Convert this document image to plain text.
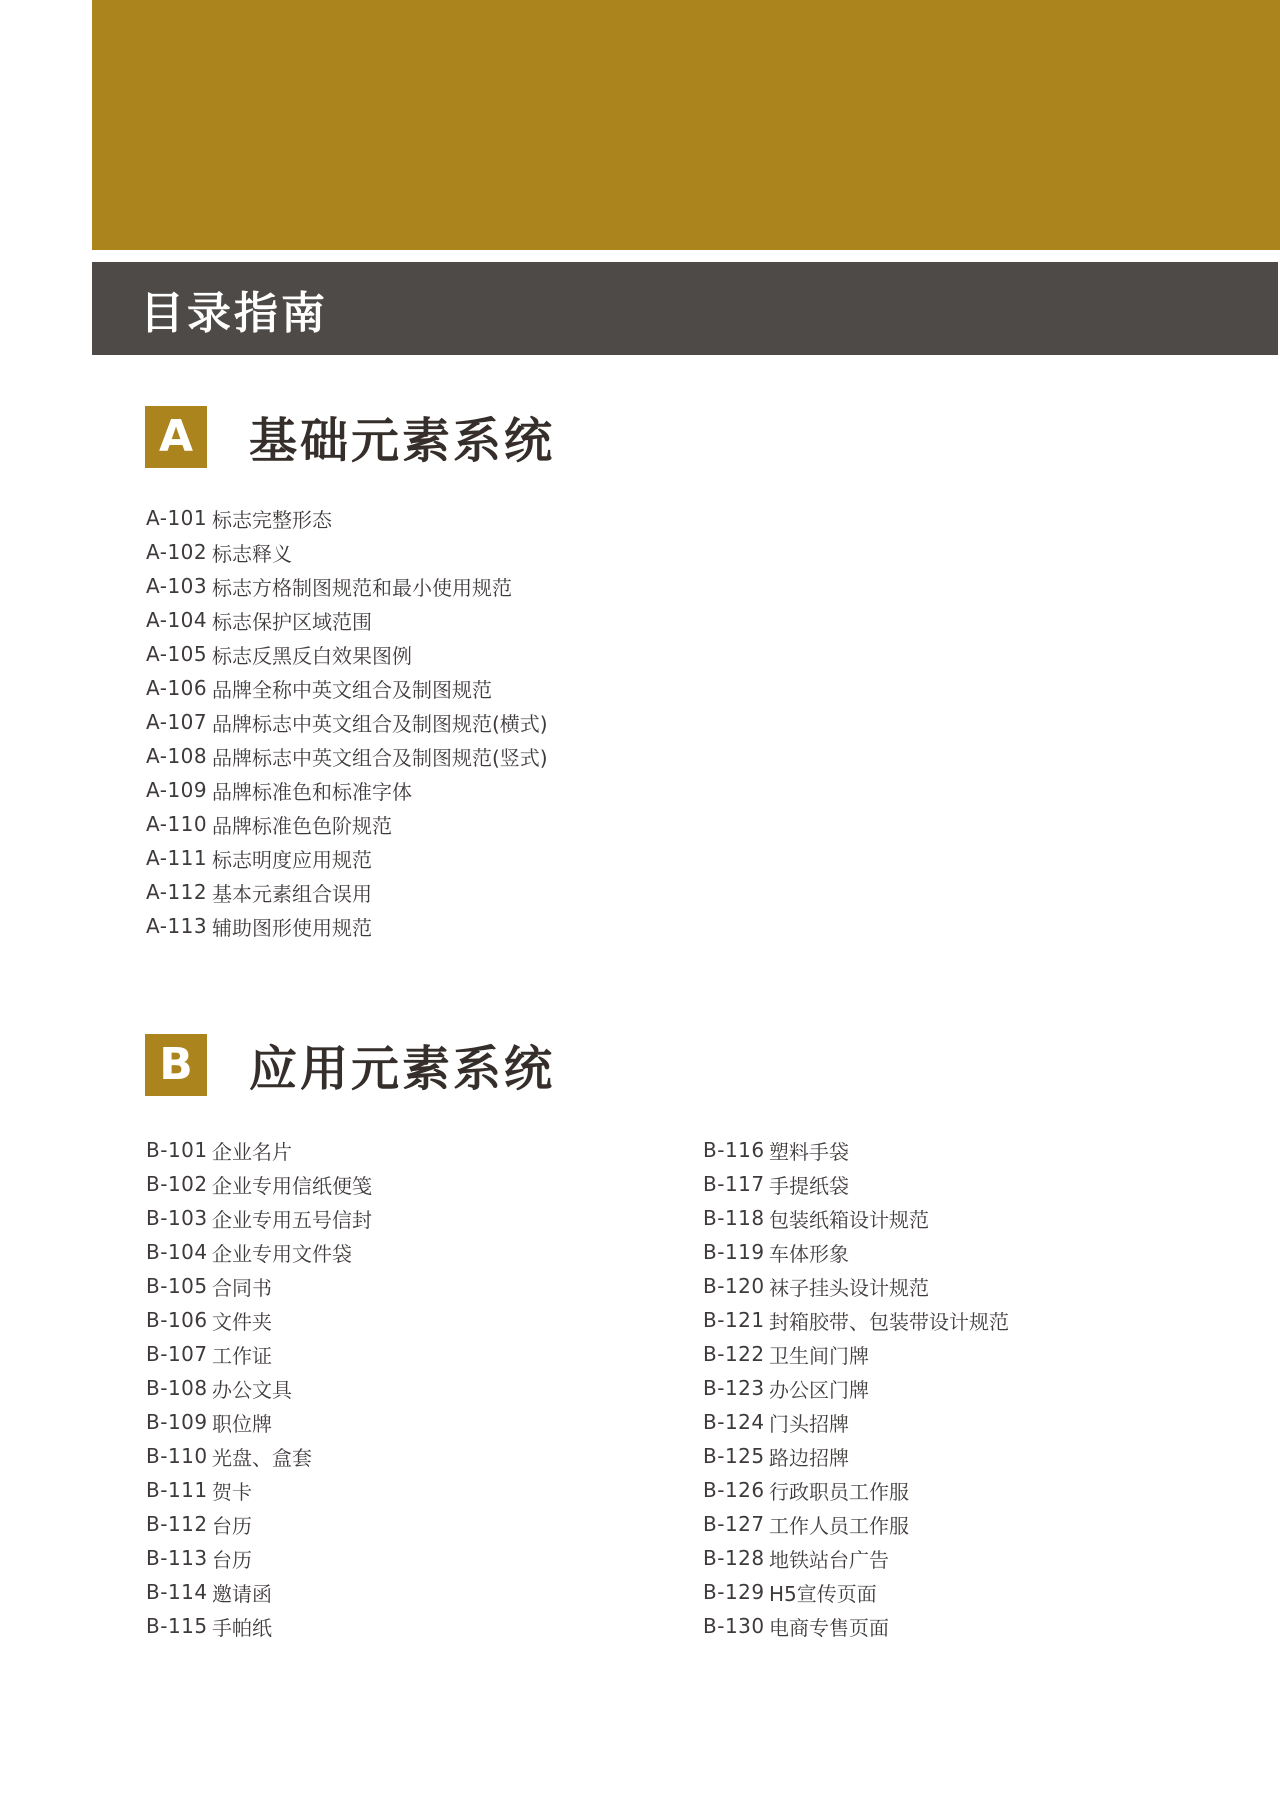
目录指南
A 基础元素系统
A-101 标志完整形态
A-102 标志释义
A-103 标志方格制图规范和最小使用规范
A-104 标志保护区域范围
A-105 标志反黑反白效果图例
A-106 品牌全称中英文组合及制图规范
A-107 品牌标志中英文组合及制图规范(横式)
A-108 品牌标志中英文组合及制图规范(竖式)
A-109 品牌标准色和标准字体
A-110 品牌标准色色阶规范
A-111 标志明度应用规范
A-112 基本元素组合误用
A-113 辅助图形使用规范
B 应用元素系统
B-101 企业名片
B-102 企业专用信纸便笺
B-103 企业专用五号信封
B-104 企业专用文件袋
B-105 合同书
B-106 文件夹
B-107 工作证
B-108 办公文具
B-109 职位牌
B-110 光盘、盒套
B-111 贺卡
B-112 台历
B-113 台历
B-114 邀请函
B-115 手帕纸
B-116 塑料手袋
B-117 手提纸袋
B-118 包装纸箱设计规范
B-119 车体形象
B-120 袜子挂头设计规范
B-121 封箱胶带、包装带设计规范
B-122 卫生间门牌
B-123 办公区门牌
B-124 门头招牌
B-125 路边招牌
B-126 行政职员工作服
B-127 工作人员工作服
B-128 地铁站台广告
B-129 H5宣传页面
B-130 电商专售页面
